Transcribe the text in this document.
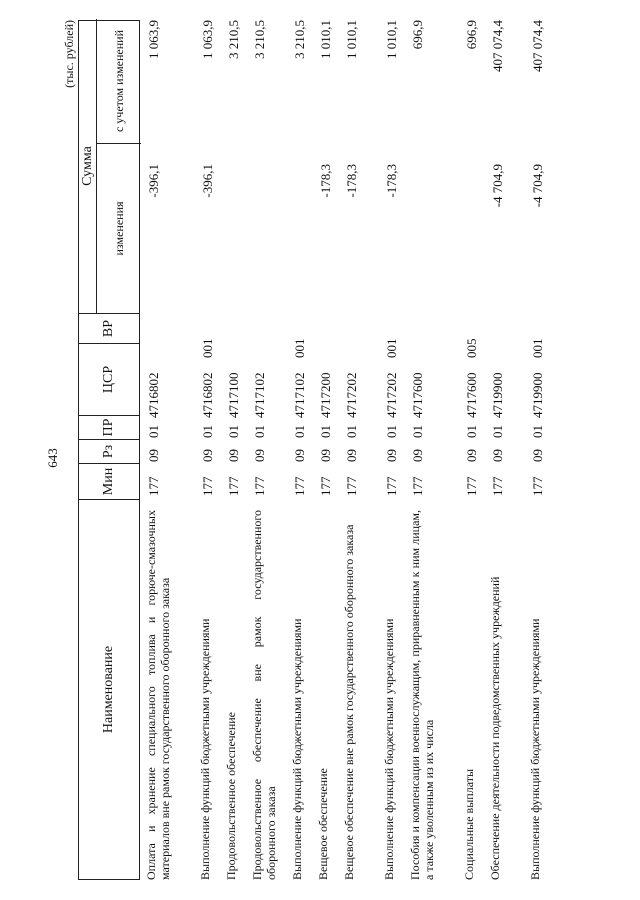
643
(тыс. рублей)
Наименование
Мин
Рз
ПР
ЦСР
ВР
Сумма
изменения
с учетом изменений
Оплата и хранение специального топлива и горюче-смазочных материалов вне рамок государственного оборонного заказа
177
09
01
4716802
-396,1
1 063,9
Выполнение функций бюджетными учреждениями
177
09
01
4716802
001
-396,1
1 063,9
Продовольственное обеспечение
177
09
01
4717100
3 210,5
Продовольственное обеспечение вне рамок государственного оборонного заказа
177
09
01
4717102
3 210,5
Выполнение функций бюджетными учреждениями
177
09
01
4717102
001
3 210,5
Вещевое обеспечение
177
09
01
4717200
-178,3
1 010,1
Вещевое обеспечение вне рамок государственного оборонного заказа
177
09
01
4717202
-178,3
1 010,1
Выполнение функций бюджетными учреждениями
177
09
01
4717202
001
-178,3
1 010,1
Пособия и компенсации военнослужащим, приравненным к ним лицам, а также уволенным из их числа
177
09
01
4717600
696,9
Социальные выплаты
177
09
01
4717600
005
696,9
Обеспечение деятельности подведомственных учреждений
177
09
01
4719900
-4 704,9
407 074,4
Выполнение функций бюджетными учреждениями
177
09
01
4719900
001
-4 704,9
407 074,4
